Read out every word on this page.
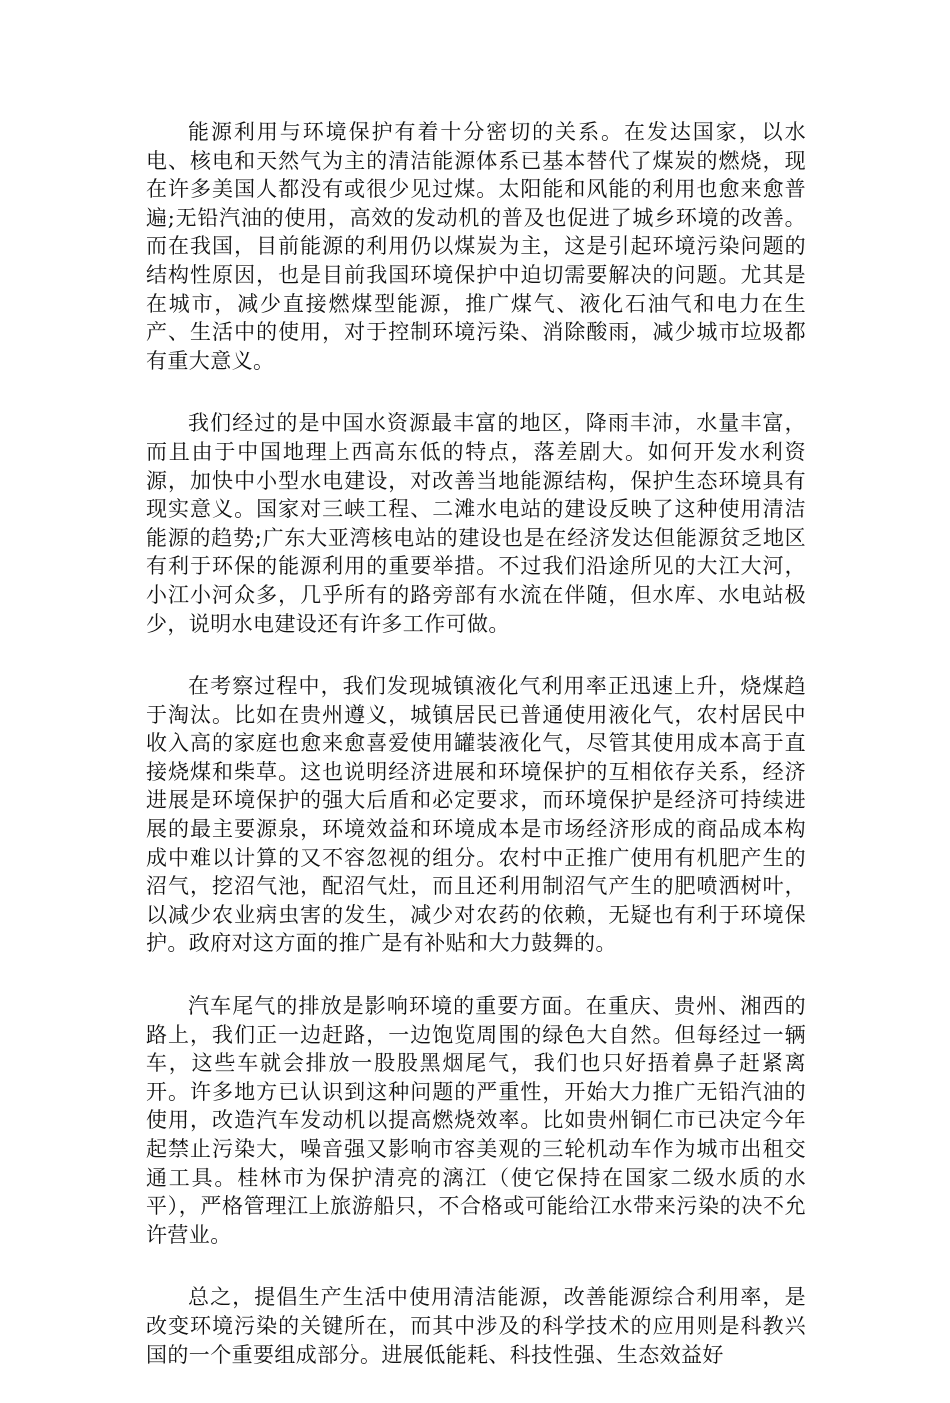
能源利用与环境保护有着十分密切的关系。在发达国家，以水电、核电和天然气为主的清洁能源体系已基本替代了煤炭的燃烧，现在许多美国人都没有或很少见过煤。太阳能和风能的利用也愈来愈普遍;无铅汽油的使用，高效的发动机的普及也促进了城乡环境的改善。而在我国，目前能源的利用仍以煤炭为主，这是引起环境污染问题的结构性原因，也是目前我国环境保护中迫切需要解决的问题。尤其是在城市，减少直接燃煤型能源，推广煤气、液化石油气和电力在生产、生活中的使用，对于控制环境污染、消除酸雨，减少城市垃圾都有重大意义。

我们经过的是中国水资源最丰富的地区，降雨丰沛，水量丰富，而且由于中国地理上西高东低的特点，落差剧大。如何开发水利资源，加快中小型水电建设，对改善当地能源结构，保护生态环境具有现实意义。国家对三峡工程、二滩水电站的建设反映了这种使用清洁能源的趋势;广东大亚湾核电站的建设也是在经济发达但能源贫乏地区有利于环保的能源利用的重要举措。不过我们沿途所见的大江大河，小江小河众多，几乎所有的路旁部有水流在伴随，但水库、水电站极少，说明水电建设还有许多工作可做。

在考察过程中，我们发现城镇液化气利用率正迅速上升，烧煤趋于淘汰。比如在贵州遵义，城镇居民已普通使用液化气，农村居民中收入高的家庭也愈来愈喜爱使用罐装液化气，尽管其使用成本高于直接烧煤和柴草。这也说明经济进展和环境保护的互相依存关系，经济进展是环境保护的强大后盾和必定要求，而环境保护是经济可持续进展的最主要源泉，环境效益和环境成本是市场经济形成的商品成本构成中难以计算的又不容忽视的组分。农村中正推广使用有机肥产生的沼气，挖沼气池，配沼气灶，而且还利用制沼气产生的肥喷洒树叶，以减少农业病虫害的发生，减少对农药的依赖，无疑也有利于环境保护。政府对这方面的推广是有补贴和大力鼓舞的。

汽车尾气的排放是影响环境的重要方面。在重庆、贵州、湘西的路上，我们正一边赶路，一边饱览周围的绿色大自然。但每经过一辆车，这些车就会排放一股股黑烟尾气，我们也只好捂着鼻子赶紧离开。许多地方已认识到这种问题的严重性，开始大力推广无铅汽油的使用，改造汽车发动机以提高燃烧效率。比如贵州铜仁市已决定今年起禁止污染大，噪音强又影响市容美观的三轮机动车作为城市出租交通工具。桂林市为保护清亮的漓江（使它保持在国家二级水质的水平），严格管理江上旅游船只，不合格或可能给江水带来污染的决不允许营业。

总之，提倡生产生活中使用清洁能源，改善能源综合利用率，是改变环境污染的关键所在，而其中涉及的科学技术的应用则是科教兴国的一个重要组成部分。进展低能耗、科技性强、生态效益好
